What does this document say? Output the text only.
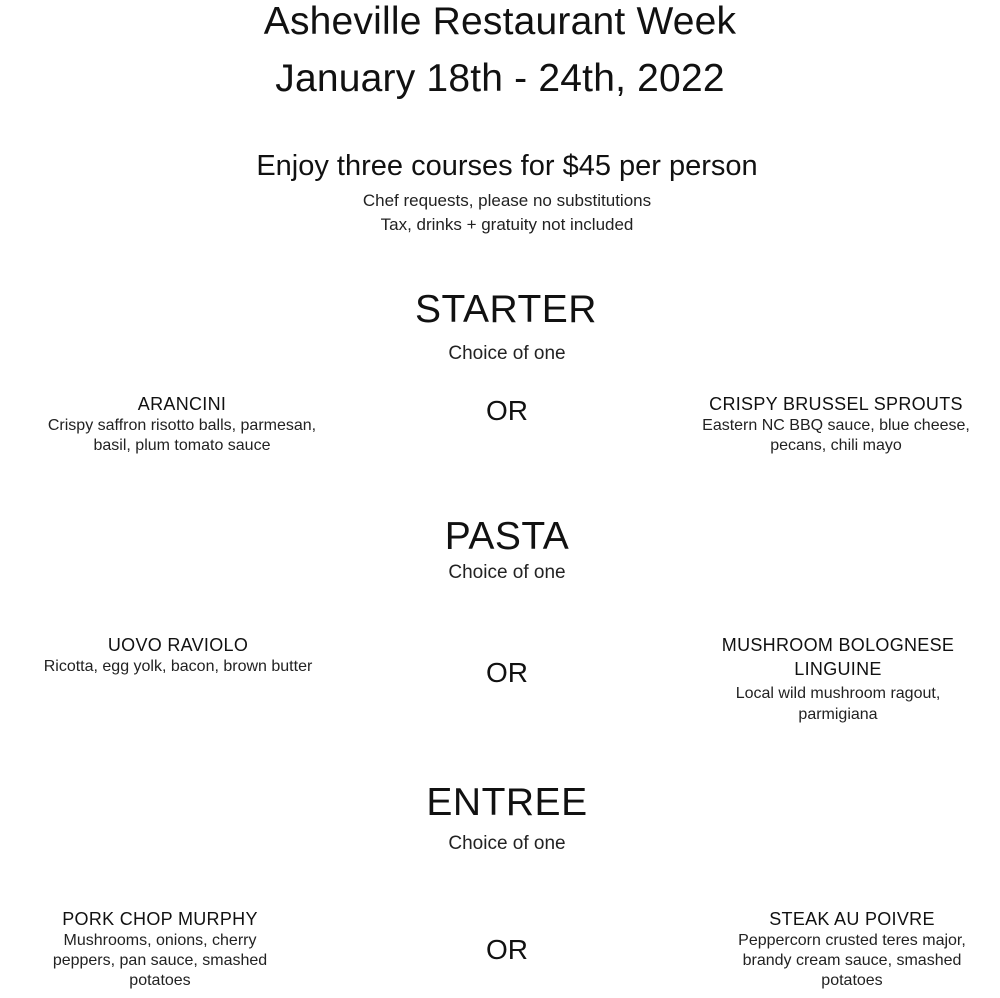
Asheville Restaurant Week
January 18th - 24th, 2022
Enjoy three courses for $45 per person
Chef requests, please no substitutions
Tax, drinks + gratuity not included
STARTER
Choice of one
ARANCINI
Crispy saffron risotto balls, parmesan,
basil, plum tomato sauce
OR	CRISPY BRUSSEL SPROUTS
Eastern NC BBQ sauce, blue cheese,
pecans, chili mayo
PASTA
Choice of one
UOVO RAVIOLO
Ricotta, egg yolk, bacon, brown butter	OR
MUSHROOM BOLOGNESE
LINGUINE
Local wild mushroom ragout,
parmigiana
ENTREE
Choice of one
PORK CHOP MURPHY
Mushrooms, onions, cherry
peppers, pan sauce, smashed
potatoes
OR
STEAK AU POIVRE
Peppercorn crusted teres major,
brandy cream sauce, smashed
potatoes
